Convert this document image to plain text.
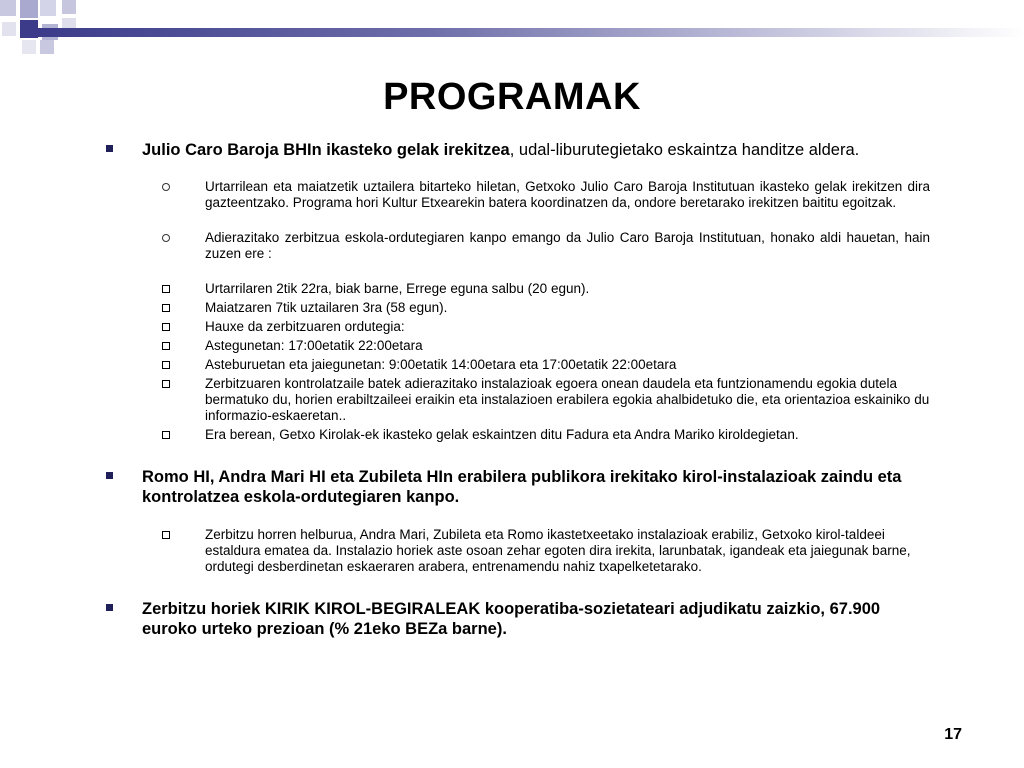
PROGRAMAK
Julio Caro Baroja BHIn ikasteko gelak irekitzea, udal-liburutegietako eskaintza handitze aldera.
Urtarrilean eta maiatzetik uztailera bitarteko hiletan, Getxoko Julio Caro Baroja Institutuan ikasteko gelak irekitzen dira gazteentzako. Programa hori Kultur Etxearekin batera koordinatzen da, ondore beretarako irekitzen baititu egoitzak.
Adierazitako zerbitzua eskola-ordutegiaren kanpo emango da Julio Caro Baroja Institutuan, honako aldi hauetan, hain zuzen ere :
Urtarrilaren 2tik 22ra, biak barne, Errege eguna salbu (20 egun).
Maiatzaren 7tik uztailaren 3ra (58 egun).
Hauxe da zerbitzuaren ordutegia:
Astegunetan: 17:00etatik 22:00etara
Asteburuetan eta jaiegunetan: 9:00etatik 14:00etara eta 17:00etatik 22:00etara
Zerbitzuaren kontrolatzaile batek adierazitako instalazioak egoera onean daudela eta funtzionamendu egokia dutela bermatuko du, horien erabiltzaileei eraikin eta instalazioen erabilera egokia ahalbidetuko die, eta orientazioa eskainiko du informazio-eskaeretan..
Era berean, Getxo Kirolak-ek ikasteko gelak eskaintzen ditu Fadura eta Andra Mariko kiroldegietan.
Romo HI, Andra Mari HI eta Zubileta HIn erabilera publikora irekitako kirol-instalazioak zaindu eta kontrolatzea eskola-ordutegiaren kanpo.
Zerbitzu horren helburua, Andra Mari, Zubileta eta Romo ikastetxeetako instalazioak erabiliz, Getxoko kirol-taldeei estaldura ematea da. Instalazio horiek aste osoan zehar egoten dira irekita, larunbatak, igandeak eta jaiegunak barne, ordutegi desberdinetan eskaeraren arabera, entrenamendu nahiz txapelketetarako.
Zerbitzu horiek KIRIK KIROL-BEGIRALEAK kooperatiba-sozietateari adjudikatu zaizkio, 67.900 euroko urteko prezioan (% 21eko BEZa barne).
17
